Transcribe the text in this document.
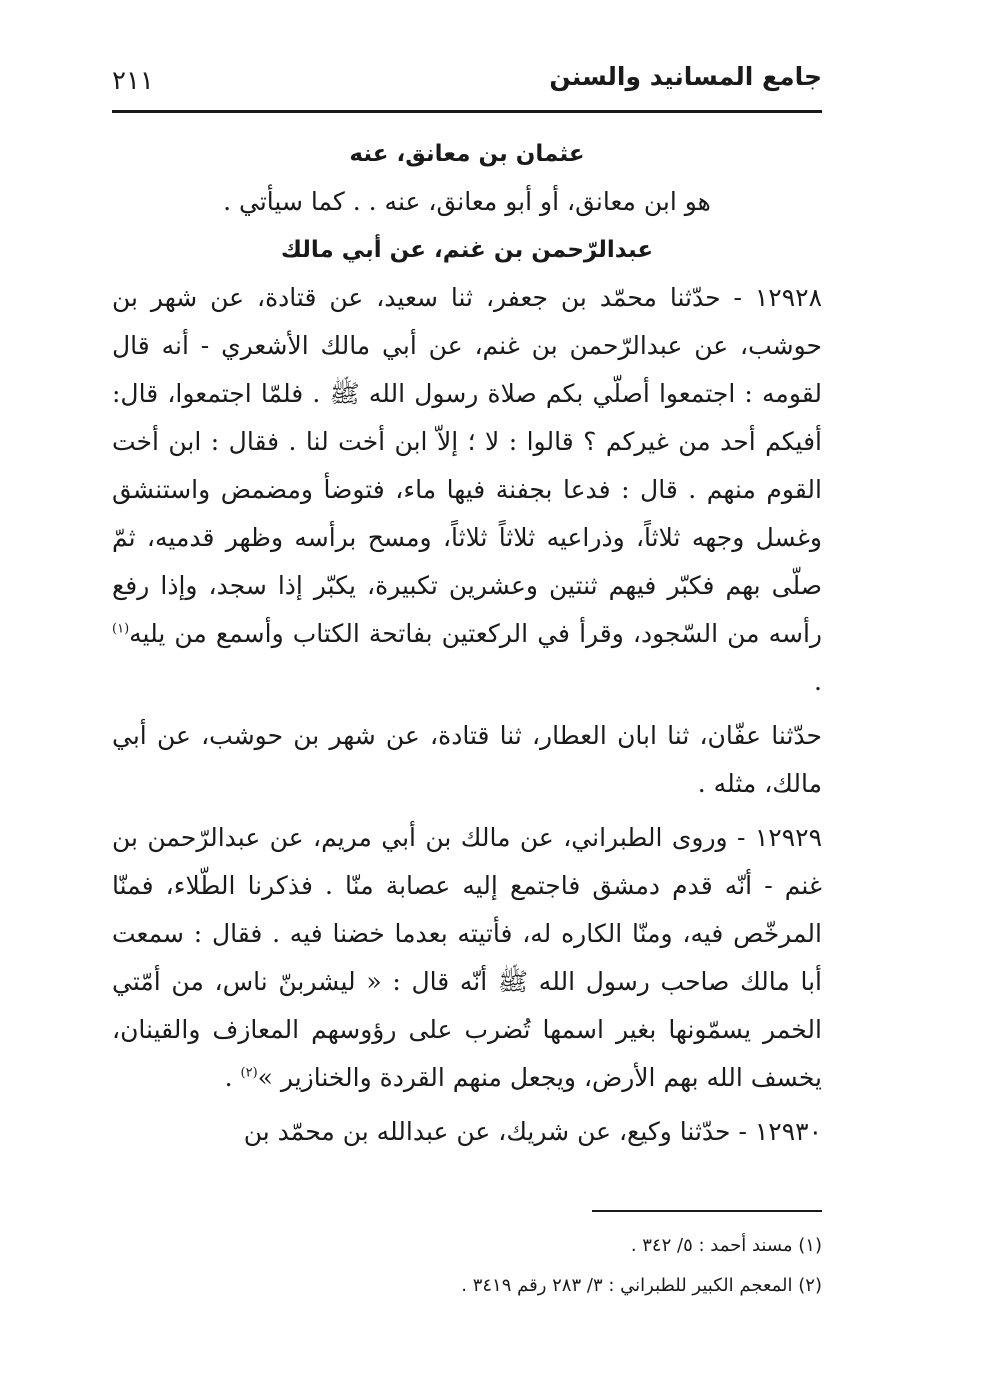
جامع المسانيد والسنن
٢١١
عثمان بن معانق، عنه

هو ابن معانق، أو أبو معانق، عنه . . كما سيأتي .

عبدالرّحمن بن غنم، عن أبي مالك

١٢٩٢٨ - حدّثنا محمّد بن جعفر، ثنا سعيد، عن قتادة، عن شهر بن حوشب، عن عبدالرّحمن بن غنم، عن أبي مالك الأشعري - أنه قال لقومه : اجتمعوا أصلّي بكم صلاة رسول الله ﷺ . فلمّا اجتمعوا، قال: أفيكم أحد من غيركم ؟ قالوا : لا ؛ إلاّ ابن أخت لنا . فقال : ابن أخت القوم منهم . قال : فدعا بجفنة فيها ماء، فتوضأ ومضمض واستنشق وغسل وجهه ثلاثاً، وذراعيه ثلاثاً ثلاثاً، ومسح برأسه وظهر قدميه، ثمّ صلّى بهم فكبّر فيهم ثنتين وعشرين تكبيرة، يكبّر إذا سجد، وإذا رفع رأسه من السّجود، وقرأ في الركعتين بفاتحة الكتاب وأسمع من يليه$^{(١)}$ .

حدّثنا عفّان، ثنا ابان العطار، ثنا قتادة، عن شهر بن حوشب، عن أبي مالك، مثله .

١٢٩٢٩ - وروى الطبراني، عن مالك بن أبي مريم، عن عبدالرّحمن بن غنم - أنّه قدم دمشق فاجتمع إليه عصابة منّا . فذكرنا الطّلاء، فمنّا المرخّص فيه، ومنّا الكاره له، فأتيته بعدما خضنا فيه . فقال : سمعت أبا مالك صاحب رسول الله ﷺ أنّه قال : « ليشربنّ ناس، من أمّتي الخمر يسمّونها بغير اسمها تُضرب على رؤوسهم المعازف والقينان، يخسف الله بهم الأرض، ويجعل منهم القردة والخنازير »$^{(٢)}$ .

١٢٩٣٠ - حدّثنا وكيع، عن شريك، عن عبدالله بن محمّد بن

(١) مسند أحمد : ٥/ ٣٤٢ .
(٢) المعجم الكبير للطبراني : ٣/ ٢٨٣ رقم ٣٤١٩ .
